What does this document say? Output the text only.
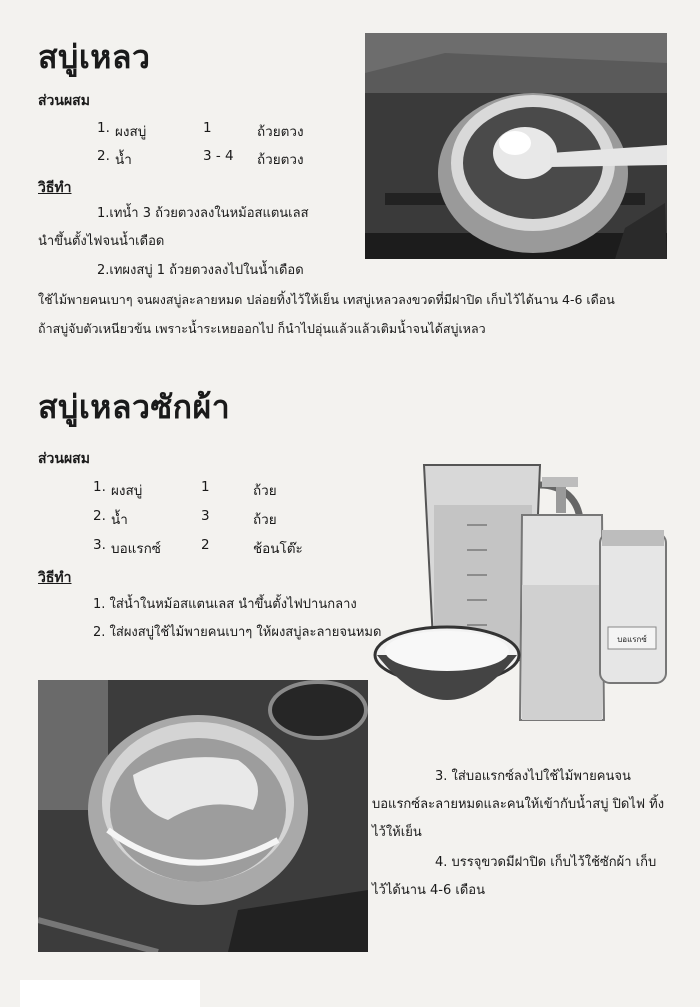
สบู่เหลว
ส่วนผสม
1. ผงสบู่	1	ถ้วยตวง
2. น้ำ	3 - 4 ถ้วยตวง
วิธีทำ
1.เทน้ำ 3 ถ้วยตวงลงในหม้อสแตนเลส
นำขึ้นตั้งไฟจนน้ำเดือด
2.เทผงสบู่ 1 ถ้วยตวงลงไปในน้ำเดือด
ใช้ไม้พายคนเบาๆ จนผงสบู่ละลายหมด ปล่อยทิ้งไว้ให้เย็น เทสบู่เหลวลงขวดที่มีฝาปิด เก็บไว้ได้นาน 4-6 เดือน
ถ้าสบู่จับตัวเหนียวข้น เพราะน้ำระเหยออกไป ก็นำไปอุ่นแล้วแล้วเติมน้ำจนได้สบู่เหลว
สบู่เหลวซักผ้า
ส่วนผสม
1. ผงสบู่	1	ถ้วย
2. น้ำ	3	ถ้วย
3. บอแรกซ์	2	ช้อนโต๊ะ
วิธีทำ
1. ใส่น้ำในหม้อสแตนเลส นำขึ้นตั้งไฟปานกลาง
2. ใส่ผงสบู่ใช้ไม้พายคนเบาๆ ให้ผงสบู่ละลายจนหมด
3. ใส่บอแรกซ์ลงไปใช้ไม้พายคนจน
บอแรกซ์ละลายหมดและคนให้เข้ากับน้ำสบู่ ปิดไฟ ทิ้ง
ไว้ให้เย็น
4. บรรจุขวดมีฝาปิด เก็บไว้ใช้ซักผ้า เก็บ
ไว้ได้นาน 4-6 เดือน
บอแรกซ์
